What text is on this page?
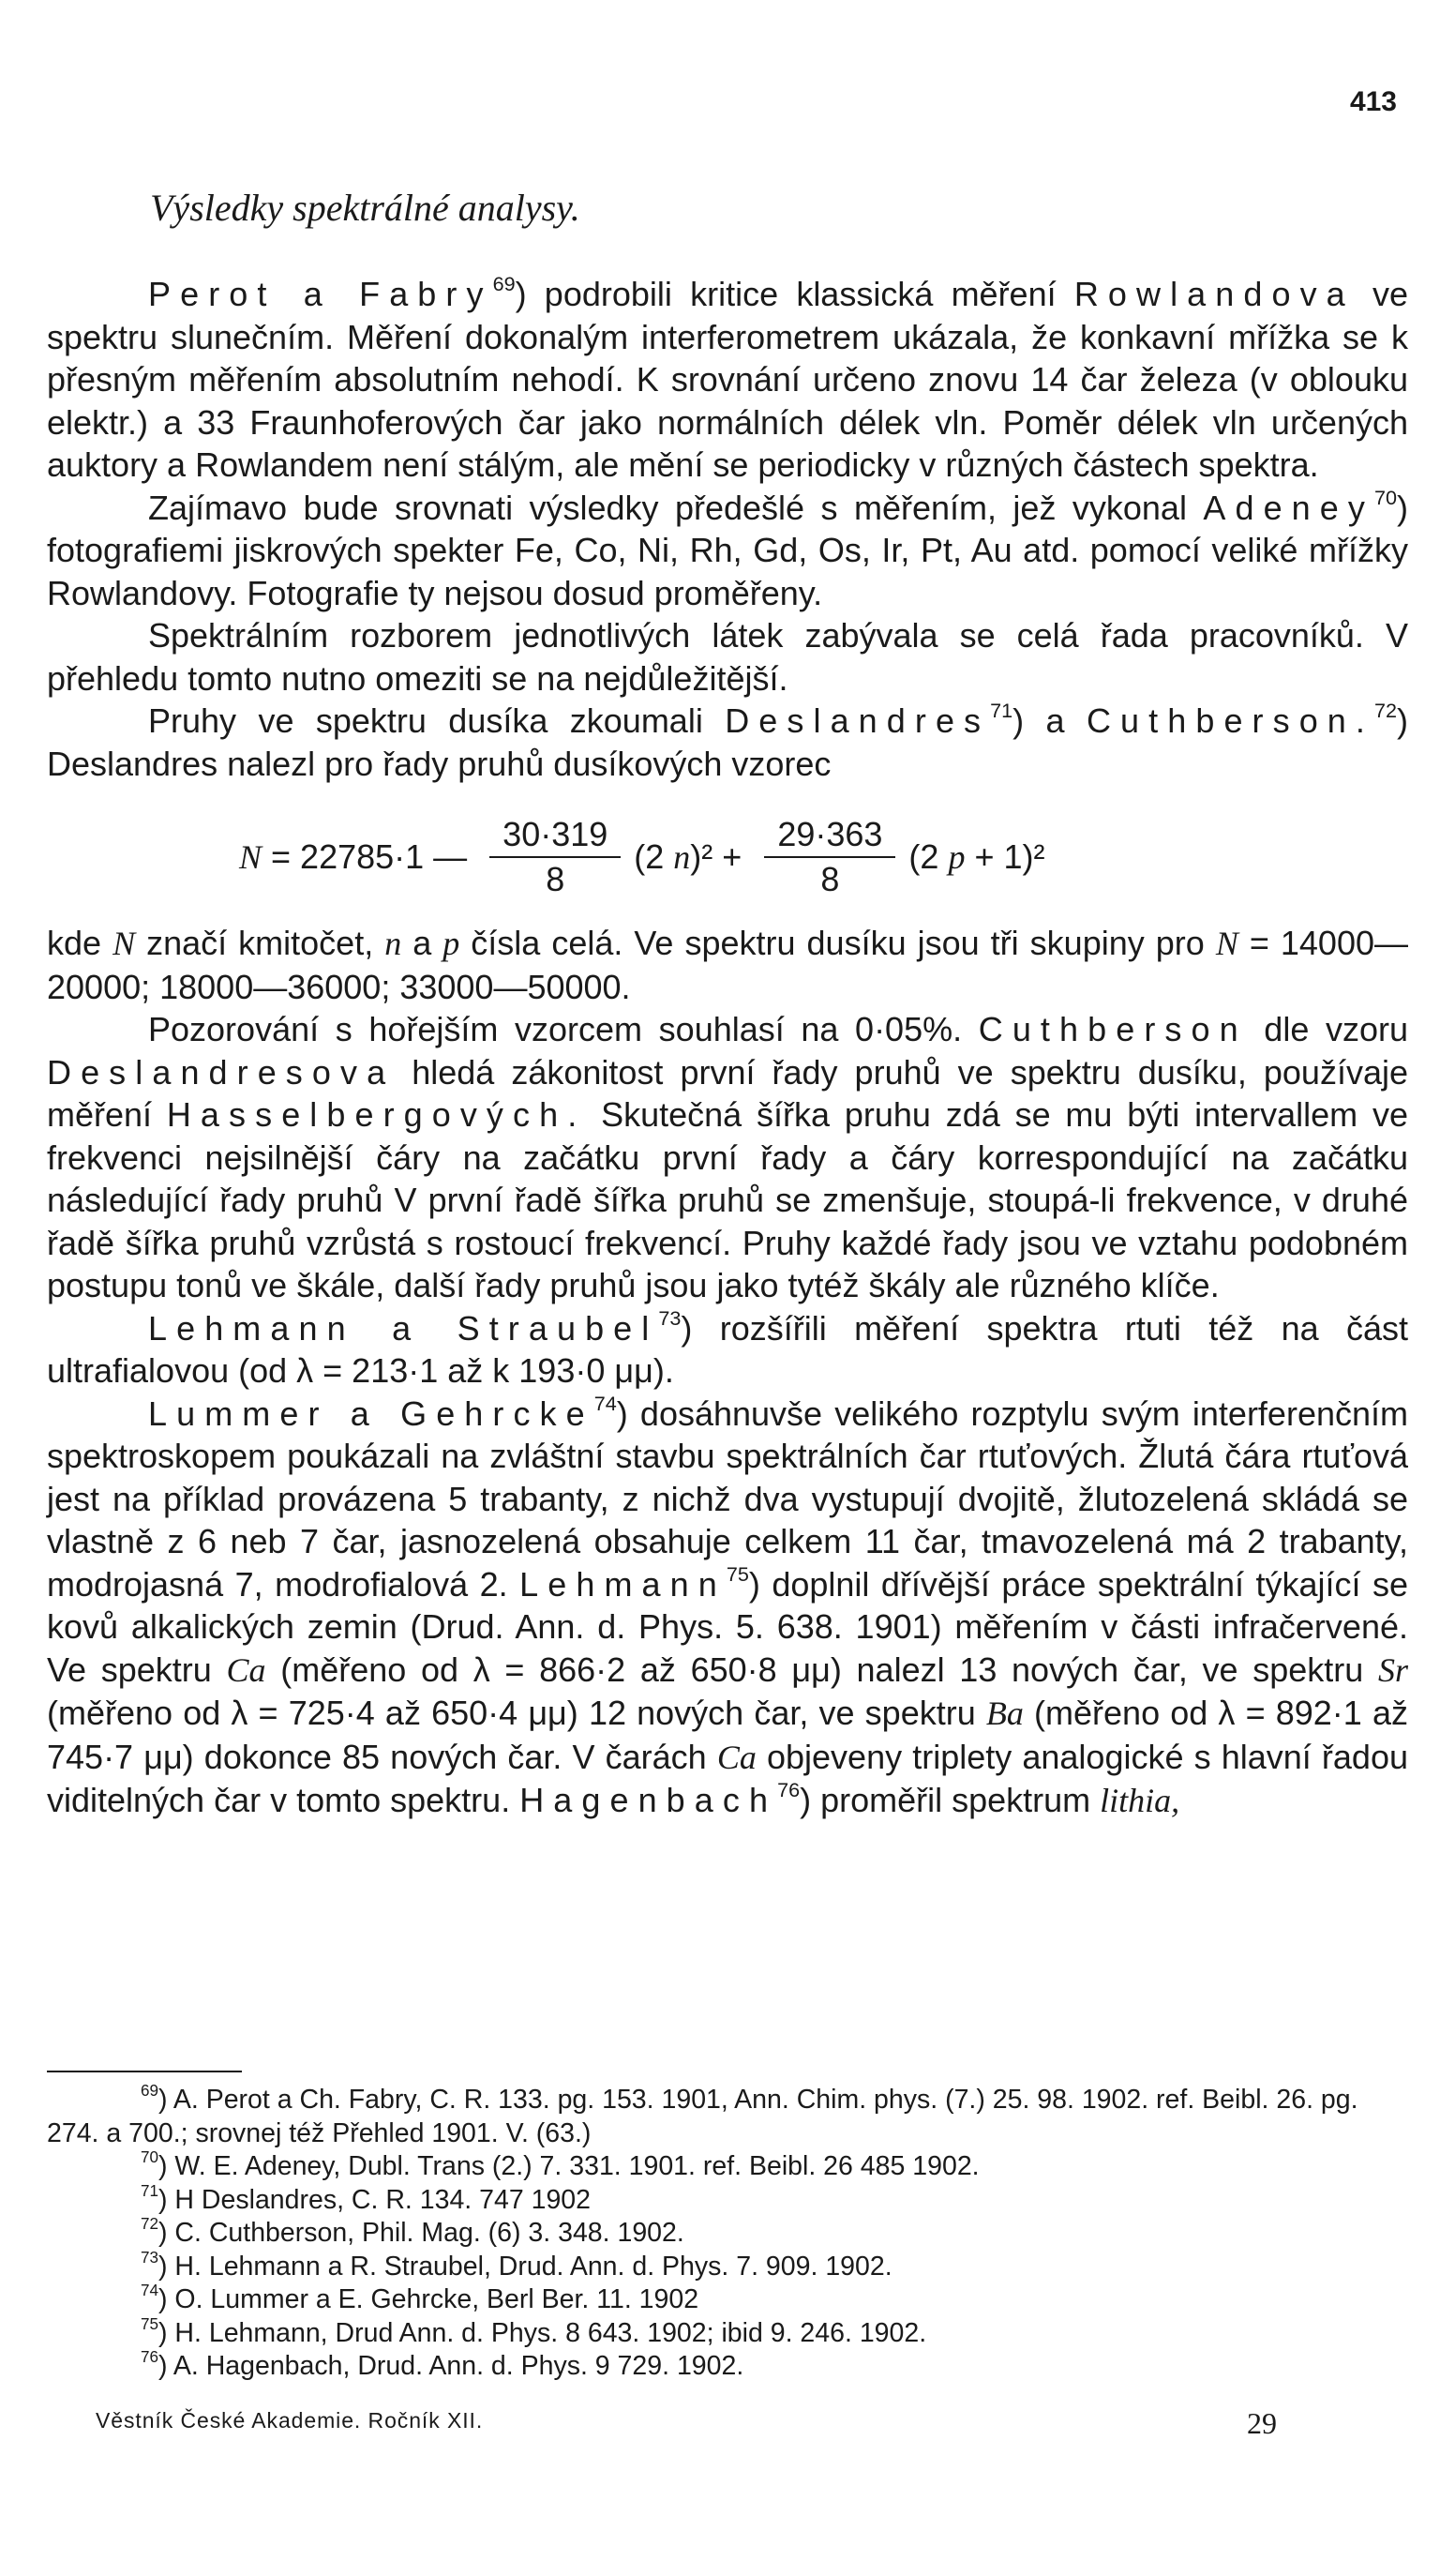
413
Výsledky spektrálné analysy.

Perot a Fabry$^{69}$) podrobili kritice klassická měření Rowlandova ve spektru slunečním. Měření dokonalým interferometrem ukázala, že konkavní mřížka se k přesným měřením absolutním nehodí. K srovnání určeno znovu 14 čar železa (v oblouku elektr.) a 33 Fraunhoferových čar jako normálních délek vln. Poměr délek vln určených auktory a Rowlandem není stálým, ale mění se periodicky v různých částech spektra.

Zajímavo bude srovnati výsledky předešlé s měřením, jež vykonal Adeney$^{70}$) fotografiemi jiskrových spekter Fe, Co, Ni, Rh, Gd, Os, Ir, Pt, Au atd. pomocí veliké mřížky Rowlandovy. Fotografie ty nejsou dosud proměřeny.

Spektrálním rozborem jednotlivých látek zabývala se celá řada pracovníků. V přehledu tomto nutno omeziti se na nejdůležitější.

Pruhy ve spektru dusíka zkoumali Deslandres$^{71}$) a Cuthberson.$^{72}$) Deslandres nalezl pro řady pruhů dusíkových vzorec

N = 22785·1 — $\frac{30\cdot 319}{8} (2$ n )$^2 + \frac{29\cdot 363}{8} (2$ p + 1)²

kde N značí kmitočet, n a p čísla celá. Ve spektru dusíku jsou tři skupiny pro N = 14000—20000; 18000—36000; 33000—50000.

Pozorování s hořejším vzorcem souhlasí na 0·05%. Cuthberson dle vzoru Deslandresova hledá zákonitost první řady pruhů ve spektru dusíku, používaje měření Hasselbergových. Skutečná šířka pruhu zdá se mu býti intervallem ve frekvenci nejsilnější čáry na začátku první řady a čáry korrespondující na začátku následující řady pruhů V první řadě šířka pruhů se zmenšuje, stoupá-li frekvence, v druhé řadě šířka pruhů vzrůstá s rostoucí frekvencí. Pruhy každé řady jsou ve vztahu podobném postupu tonů ve škále, další řady pruhů jsou jako tytéž škály ale různého klíče.

Lehmann a Straubel$^{73}$) rozšířili měření spektra rtuti též na část ultrafialovou (od λ = 213·1 až k 193·0 μμ).

Lummer a Gehrcke$^{74}$) dosáhnuvše velikého rozptylu svým interferenčním spektroskopem poukázali na zvláštní stavbu spektrálních čar rtuťových. Žlutá čára rtuťová jest na příklad provázena 5 trabanty, z nichž dva vystupují dvojitě, žlutozelená skládá se vlastně z 6 neb 7 čar, jasnozelená obsahuje celkem 11 čar, tmavozelená má 2 trabanty, modrojasná 7, modrofialová 2. Lehmann$^{75}$) doplnil dřívější práce spektrální týkající se kovů alkalických zemin (Drud. Ann. d. Phys. 5. 638. 1901) měřením v části infračervené. Ve spektru Ca (měřeno od λ = 866·2 až 650·8 μμ) nalezl 13 nových čar, ve spektru Sr (měřeno od λ = 725·4 až 650·4 μμ) 12 nových čar, ve spektru Ba (měřeno od λ = 892·1 až 745·7 μμ) dokonce 85 nových čar. V čarách Ca objeveny triplety analogické s hlavní řadou viditelných čar v tomto spektru. Hagenbach$^{76}$) proměřil spektrum lithia,

$^{69}$) A. Perot a Ch. Fabry, C. R. 133. pg. 153. 1901, Ann. Chim. phys. (7.) 25. 98. 1902. ref. Beibl. 26. pg. 274. a 700.; srovnej též Přehled 1901. V. (63.)

$^{70}$) W. E. Adeney, Dubl. Trans (2.) 7. 331. 1901. ref. Beibl. 26 485 1902.

$^{71}$) H Deslandres, C. R. 134. 747 1902

$^{72}$) C. Cuthberson, Phil. Mag. (6) 3. 348. 1902.

$^{73}$) H. Lehmann a R. Straubel, Drud. Ann. d. Phys. 7. 909. 1902.

$^{74}$) O. Lummer a E. Gehrcke, Berl Ber. 11. 1902

$^{75}$) H. Lehmann, Drud Ann. d. Phys. 8 643. 1902; ibid 9. 246. 1902.

$^{76}$) A. Hagenbach, Drud. Ann. d. Phys. 9 729. 1902.

Věstník České Akademie. Ročník XII.	29
